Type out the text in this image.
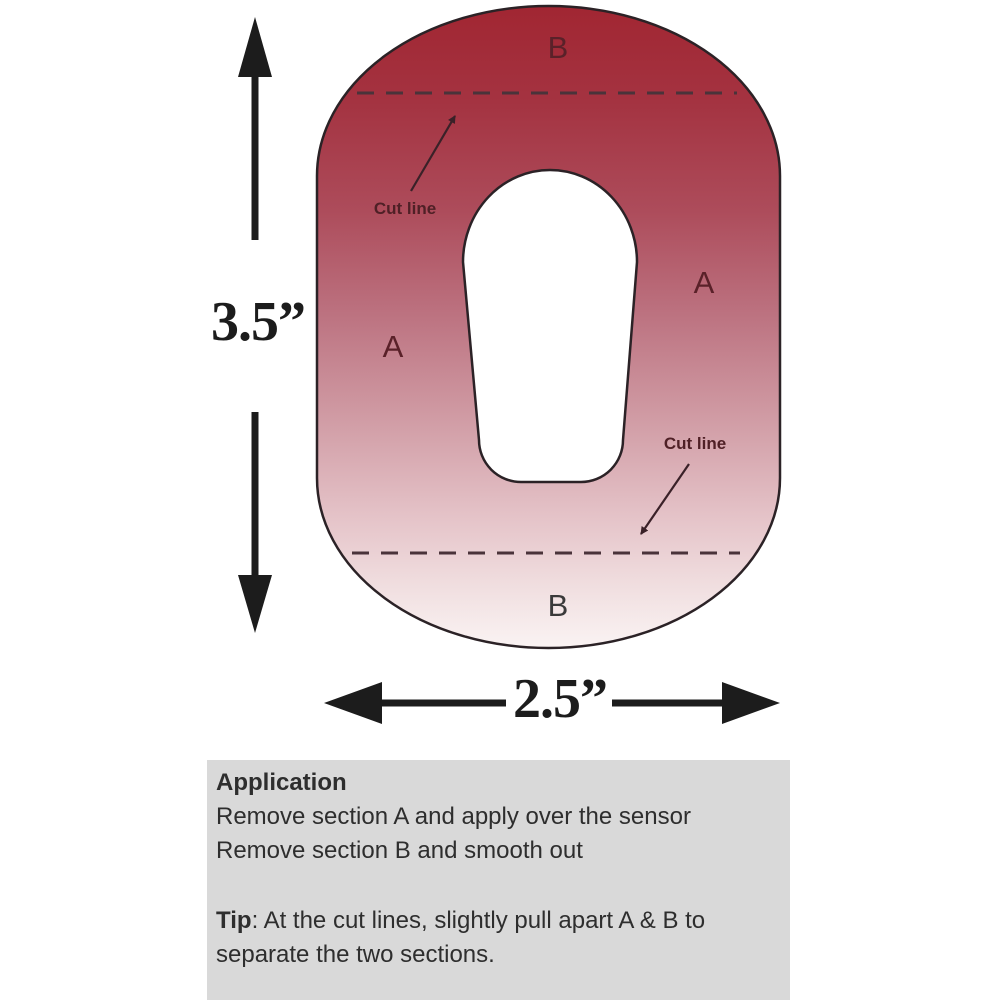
B
A
A
B
Cut line
Cut line
3.5”
2.5”
Application
Remove section A and apply over the sensor
Remove section B and smooth out
Tip: At the cut lines, slightly pull apart A & B to separate the two sections.
